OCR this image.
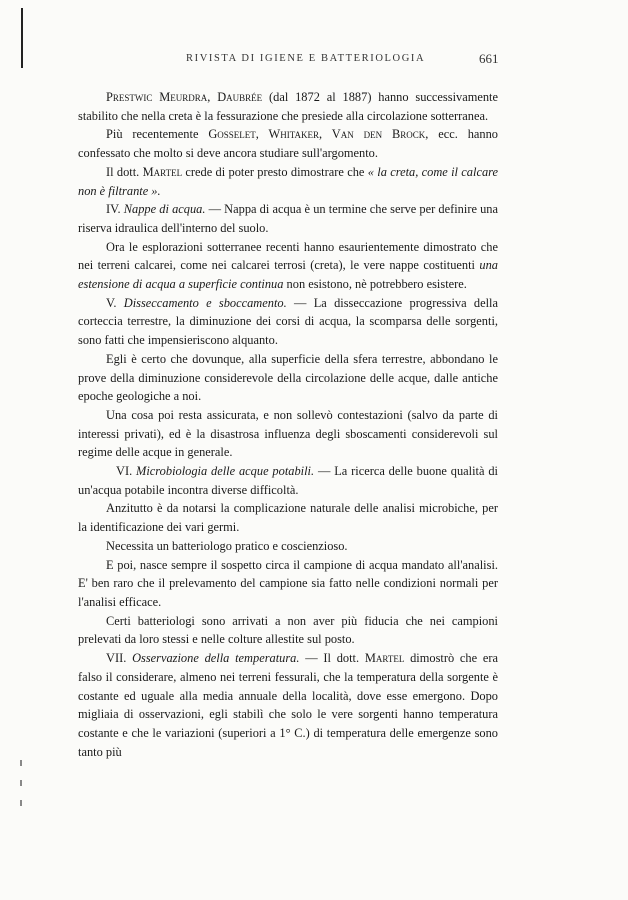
RIVISTA DI IGIENE E BATTERIOLOGIA	661

Prestwic Meurdra, Daubrée (dal 1872 al 1887) hanno successivamente stabilito che nella creta è la fessurazione che presiede alla circolazione sotterranea.

Più recentemente Gosselet, Whitaker, Van den Brock, ecc. hanno confessato che molto si deve ancora studiare sull'argomento.

Il dott. Martel crede di poter presto dimostrare che « la creta, come il calcare non è filtrante ».

IV. Nappe di acqua. — Nappa di acqua è un termine che serve per definire una riserva idraulica dell'interno del suolo.

Ora le esplorazioni sotterranee recenti hanno esaurientemente dimostrato che nei terreni calcarei, come nei calcarei terrosi (creta), le vere nappe costituenti una estensione di acqua a superficie continua non esistono, nè potrebbero esistere.

V. Disseccamento e sboccamento. — La disseccazione progressiva della corteccia terrestre, la diminuzione dei corsi di acqua, la scomparsa delle sorgenti, sono fatti che impensieriscono alquanto.

Egli è certo che dovunque, alla superficie della sfera terrestre, abbondano le prove della diminuzione considerevole della circolazione delle acque, dalle antiche epoche geologiche a noi.

Una cosa poi resta assicurata, e non sollevò contestazioni (salvo da parte di interessi privati), ed è la disastrosa influenza degli sboscamenti considerevoli sul regime delle acque in generale.

VI. Microbiologia delle acque potabili. — La ricerca delle buone qualità di un'acqua potabile incontra diverse difficoltà.

Anzitutto è da notarsi la complicazione naturale delle analisi microbiche, per la identificazione dei vari germi.

Necessita un batteriologo pratico e coscienzioso.

E poi, nasce sempre il sospetto circa il campione di acqua mandato all'analisi. E' ben raro che il prelevamento del campione sia fatto nelle condizioni normali per l'analisi efficace.

Certi batteriologi sono arrivati a non aver più fiducia che nei campioni prelevati da loro stessi e nelle colture allestite sul posto.

VII. Osservazione della temperatura. — Il dott. Martel dimostrò che era falso il considerare, almeno nei terreni fessurali, che la temperatura della sorgente è costante ed uguale alla media annuale della località, dove esse emergono. Dopo migliaia di osservazioni, egli stabilì che solo le vere sorgenti hanno temperatura costante e che le variazioni (superiori a 1° C.) di temperatura delle emergenze sono tanto più
